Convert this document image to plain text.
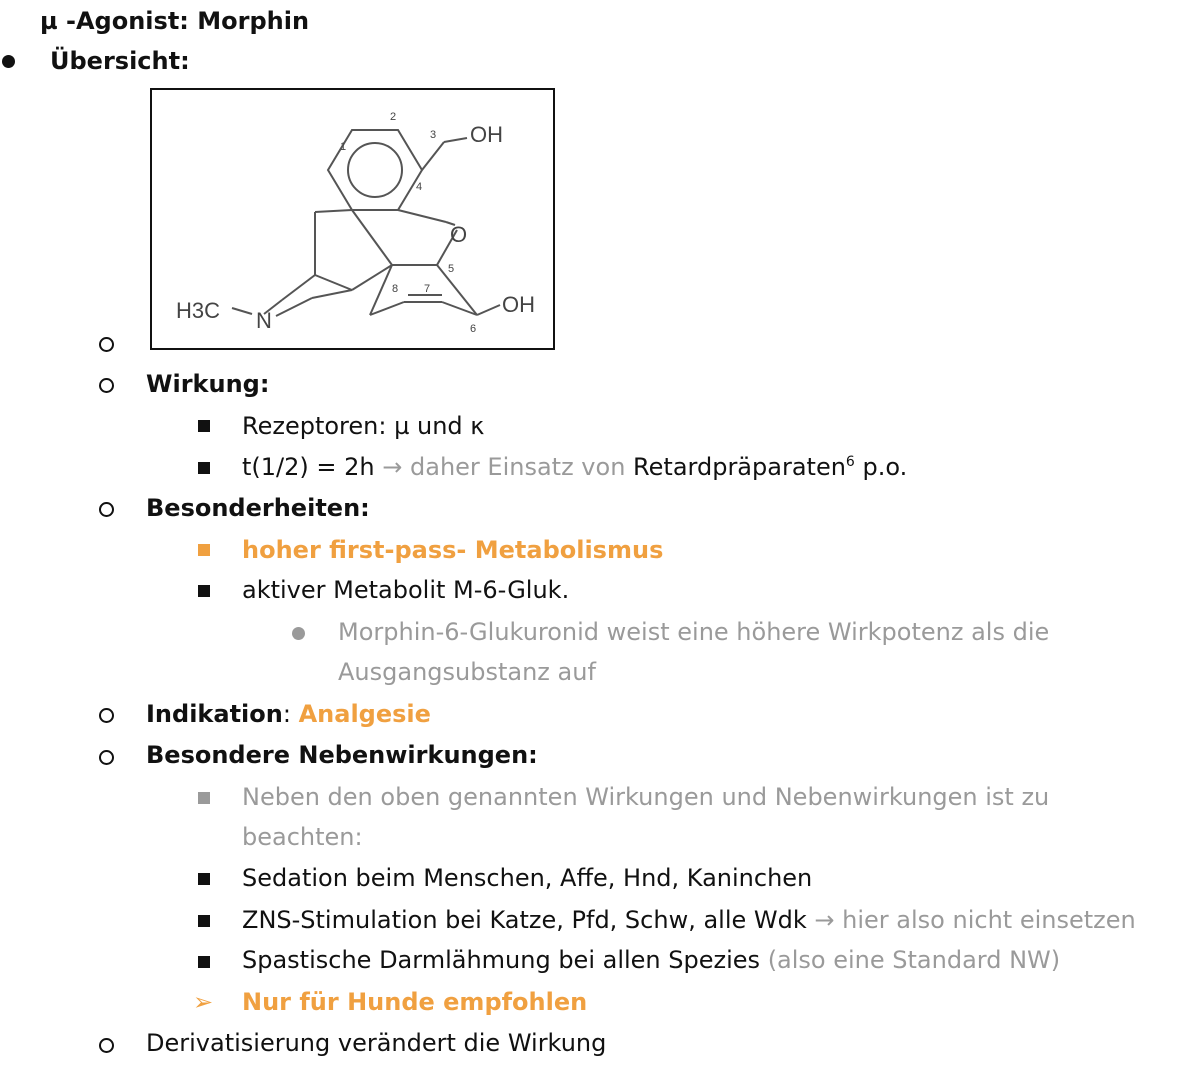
µ -Agonist: Morphin
Übersicht:
OH
O
OH
H3C N
1
2
3
4
5
6
7
8
Wirkung:
Rezeptoren: µ und κ
t(1/2) = 2h → daher Einsatz von Retardpräparaten$^6$ p.o.
Besonderheiten:
hoher first-pass- Metabolismus
aktiver Metabolit M-6-Gluk.
Morphin-6-Glukuronid weist eine höhere Wirkpotenz als die
Ausgangsubstanz auf
Indikation: Analgesie
Besondere Nebenwirkungen:
Neben den oben genannten Wirkungen und Nebenwirkungen ist zu
beachten:
Sedation beim Menschen, Affe, Hnd, Kaninchen
ZNS-Stimulation bei Katze, Pfd, Schw, alle Wdk → hier also nicht einsetzen
Spastische Darmlähmung bei allen Spezies (also eine Standard NW)
➢ Nur für Hunde empfohlen
Derivatisierung verändert die Wirkung
